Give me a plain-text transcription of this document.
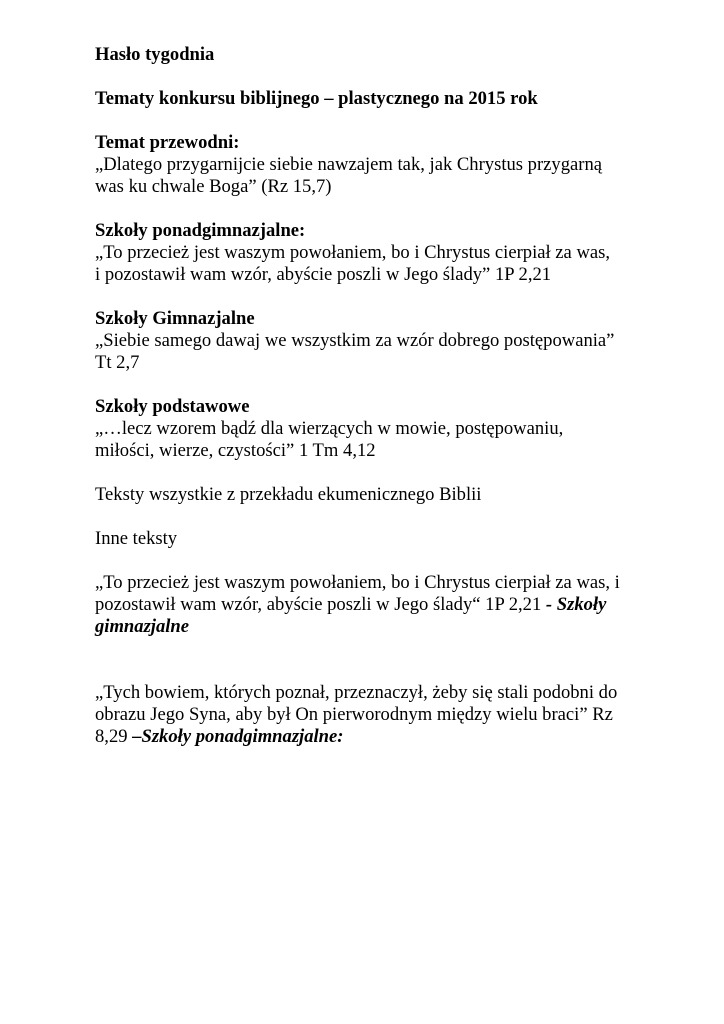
Hasło tygodnia

Tematy konkursu biblijnego – plastycznego na 2015 rok

Temat przewodni:

„Dlatego przygarnijcie siebie nawzajem tak, jak Chrystus przygarną

was ku chwale Boga” (Rz 15,7)

Szkoły ponadgimnazjalne:

„To przecież jest waszym powołaniem, bo i Chrystus cierpiał za was,

i pozostawił wam wzór, abyście poszli w Jego ślady” 1P 2,21

Szkoły Gimnazjalne

„Siebie samego dawaj we wszystkim za wzór dobrego postępowania”

Tt 2,7

Szkoły podstawowe

„…lecz wzorem bądź dla wierzących w mowie, postępowaniu,

miłości, wierze, czystości” 1 Tm 4,12

Teksty wszystkie z przekładu ekumenicznego Biblii

Inne teksty

„To przecież jest waszym powołaniem, bo i Chrystus cierpiał za was, i

pozostawił wam wzór, abyście poszli w Jego ślady“ 1P 2,21 - Szkoły

gimnazjalne

„Tych bowiem, których poznał, przeznaczył, żeby się stali podobni do

obrazu Jego Syna, aby był On pierworodnym między wielu braci” Rz

8,29 –Szkoły ponadgimnazjalne:
